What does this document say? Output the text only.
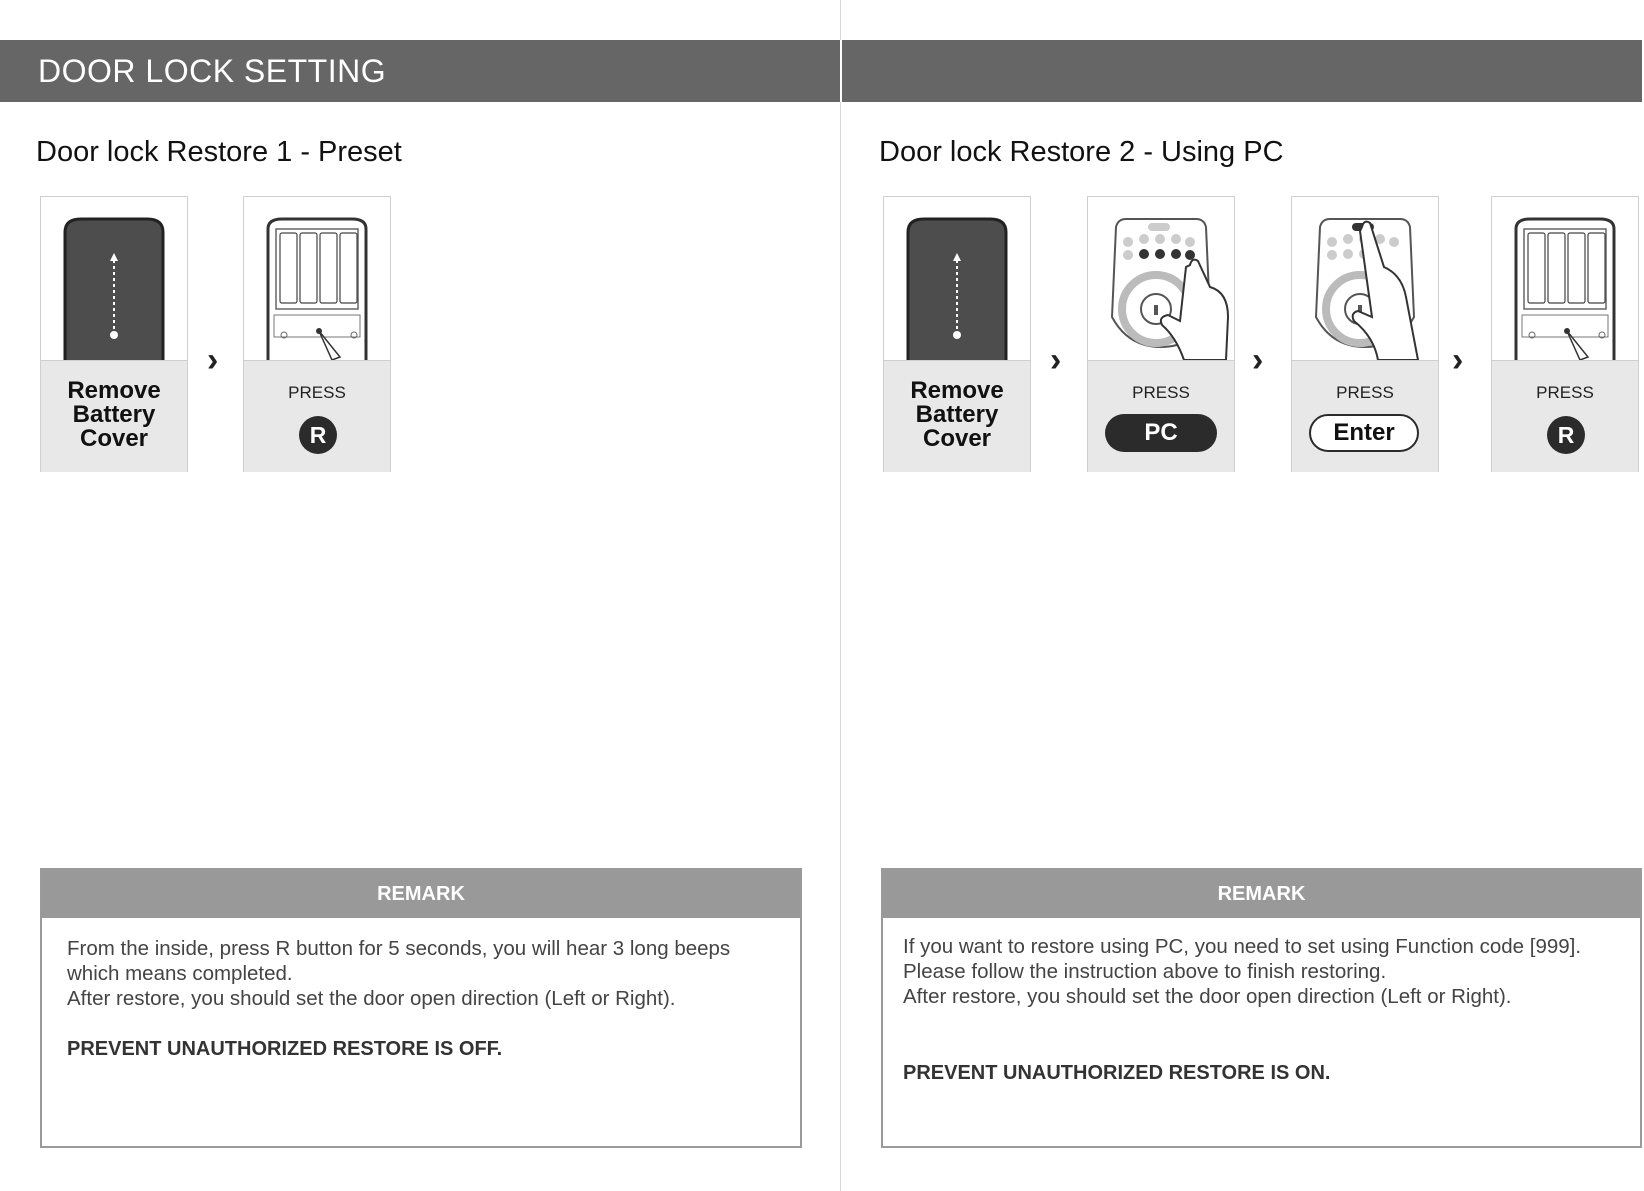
DOOR LOCK SETTING
Door lock Restore 1 - Preset
Remove
Battery
Cover
›
PRESS
R
REMARK
From the inside, press R button for 5 seconds, you will hear 3 long beeps
which means completed.
After restore, you should set the door open direction (Left or Right).
PREVENT UNAUTHORIZED RESTORE IS OFF.
Door lock Restore 2 - Using PC
Remove
Battery
Cover
›
PRESS
PC
›
PRESS
Enter
›
PRESS
R
REMARK
If you want to restore using PC, you need to set using Function code [999].
Please follow the instruction above to finish restoring.
After restore, you should set the door open direction (Left or Right).
PREVENT UNAUTHORIZED RESTORE IS ON.
